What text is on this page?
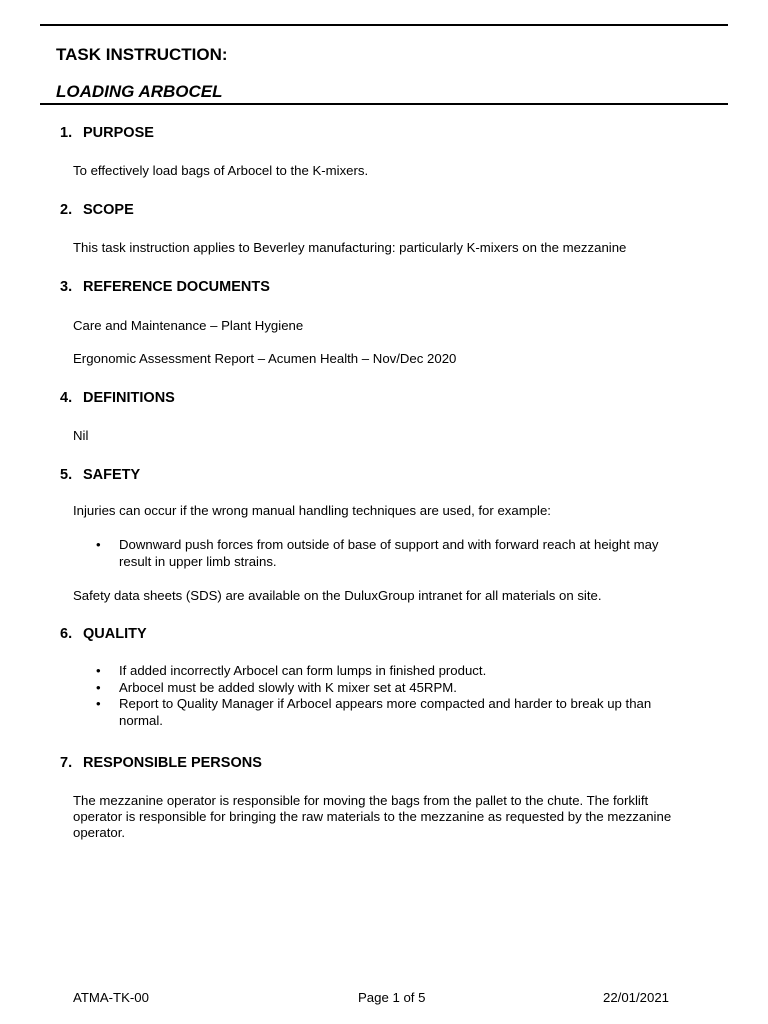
TASK INSTRUCTION:
LOADING ARBOCEL
1. PURPOSE
To effectively load bags of Arbocel to the K-mixers.
2. SCOPE
This task instruction applies to Beverley manufacturing: particularly K-mixers on the mezzanine
3. REFERENCE DOCUMENTS
Care and Maintenance – Plant Hygiene
Ergonomic Assessment Report – Acumen Health – Nov/Dec 2020
4. DEFINITIONS
Nil
5. SAFETY
Injuries can occur if the wrong manual handling techniques are used, for example:
• Downward push forces from outside of base of support and with forward reach at height may result in upper limb strains.
Safety data sheets (SDS) are available on the DuluxGroup intranet for all materials on site.
6. QUALITY
• If added incorrectly Arbocel can form lumps in finished product.
• Arbocel must be added slowly with K mixer set at 45RPM.
• Report to Quality Manager if Arbocel appears more compacted and harder to break up than normal.
7. RESPONSIBLE PERSONS
The mezzanine operator is responsible for moving the bags from the pallet to the chute. The forklift operator is responsible for bringing the raw materials to the mezzanine as requested by the mezzanine operator.
ATMA-TK-00	Page 1 of 5	22/01/2021
